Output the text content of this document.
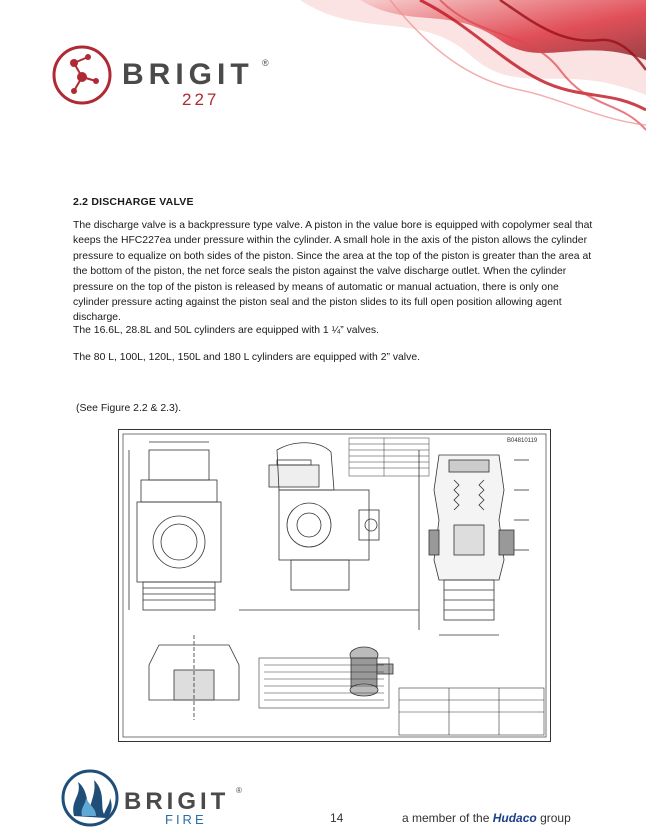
BRIGIT ®
227
2.2 DISCHARGE VALVE

The discharge valve is a backpressure type valve. A piston in the value bore is equipped with copolymer seal that keeps the HFC227ea under pressure within the cylinder. A small hole in the axis of the piston allows the cylinder pressure to equalize on both sides of the piston. Since the area at the top of the piston is greater than the area at the bottom of the piston, the net force seals the piston against the valve discharge outlet. When the cylinder pressure on the top of the piston is released by means of automatic or manual actuation, there is only one cylinder pressure acting against the piston seal and the piston slides to its full open position allowing agent discharge.

The 16.6L, 28.8L and 50L cylinders are equipped with 1 ¼” valves.

The 80 L, 100L, 120L, 150L and 180 L cylinders are equipped with 2” valve.

(See Figure 2.2 & 2.3).

B04810119
BRIGIT ®
FIRE	14	a member of the Hudaco group
